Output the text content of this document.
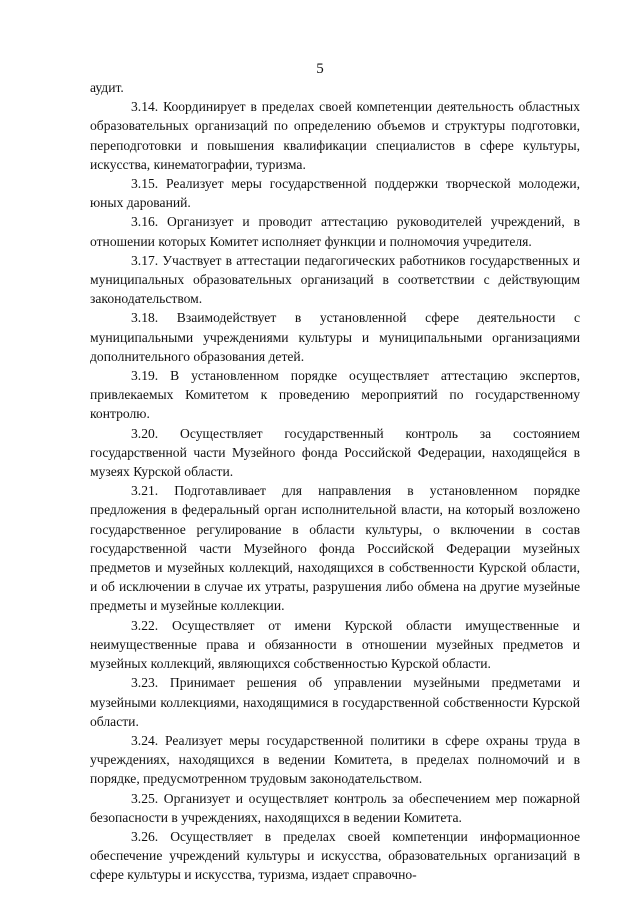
5

аудит.

3.14. Координирует в пределах своей компетенции деятельность областных образовательных организаций по определению объемов и структуры подготовки, переподготовки и повышения квалификации специалистов в сфере культуры, искусства, кинематографии, туризма.

3.15. Реализует меры государственной поддержки творческой молодежи, юных дарований.

3.16. Организует и проводит аттестацию руководителей учреждений, в отношении которых Комитет исполняет функции и полномочия учредителя.

3.17. Участвует в аттестации педагогических работников государственных и муниципальных образовательных организаций в соответствии с действующим законодательством.

3.18. Взаимодействует в установленной сфере деятельности с муниципальными учреждениями культуры и муниципальными организациями дополнительного образования детей.

3.19. В установленном порядке осуществляет аттестацию экспертов, привлекаемых Комитетом к проведению мероприятий по государственному контролю.

3.20. Осуществляет государственный контроль за состоянием государственной части Музейного фонда Российской Федерации, находящейся в музеях Курской области.

3.21. Подготавливает для направления в установленном порядке предложения в федеральный орган исполнительной власти, на который возложено государственное регулирование в области культуры, о включении в состав государственной части Музейного фонда Российской Федерации музейных предметов и музейных коллекций, находящихся в собственности Курской области, и об исключении в случае их утраты, разрушения либо обмена на другие музейные предметы и музейные коллекции.

3.22. Осуществляет от имени Курской области имущественные и неимущественные права и обязанности в отношении музейных предметов и музейных коллекций, являющихся собственностью Курской области.

3.23. Принимает решения об управлении музейными предметами и музейными коллекциями, находящимися в государственной собственности Курской области.

3.24. Реализует меры государственной политики в сфере охраны труда в учреждениях, находящихся в ведении Комитета, в пределах полномочий и в порядке, предусмотренном трудовым законодательством.

3.25. Организует и осуществляет контроль за обеспечением мер пожарной безопасности в учреждениях, находящихся в ведении Комитета.

3.26. Осуществляет в пределах своей компетенции информационное обеспечение учреждений культуры и искусства, образовательных организаций в сфере культуры и искусства, туризма, издает справочно-
